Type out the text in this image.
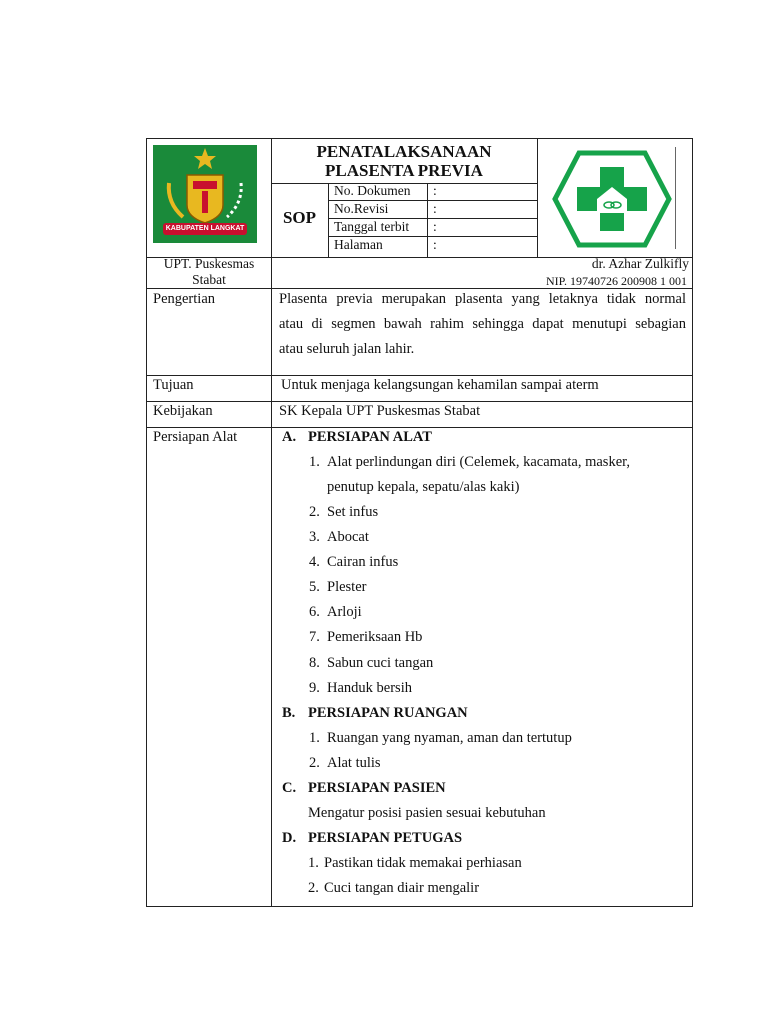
KABUPATEN LANGKAT
PENATALAKSANAAN
PLASENTA PREVIA
SOP
No. Dokumen :
No.Revisi	:
Tanggal terbit :
Halaman	:
UPT. Puskesmas
Stabat
dr. Azhar Zulkifly
NIP. 19740726 200908 1 001
Pengertian	Plasenta previa merupakan plasenta yang letaknya tidak normal
atau di segmen bawah rahim sehingga dapat menutupi sebagian
atau seluruh jalan lahir.
Tujuan	Untuk menjaga kelangsungan kehamilan sampai aterm
Kebijakan	SK Kepala UPT Puskesmas Stabat
Persiapan Alat	A. PERSIAPAN ALAT
1. Alat perlindungan diri (Celemek, kacamata, masker,
penutup kepala, sepatu/alas kaki)
2. Set infus
3. Abocat
4. Cairan infus
5. Plester
6. Arloji
7. Pemeriksaan Hb
8. Sabun cuci tangan
9. Handuk bersih
B. PERSIAPAN RUANGAN
1. Ruangan yang nyaman, aman dan tertutup
2. Alat tulis
C. PERSIAPAN PASIEN
Mengatur posisi pasien sesuai kebutuhan
D. PERSIAPAN PETUGAS
1. Pastikan tidak memakai perhiasan
2. Cuci tangan diair mengalir
